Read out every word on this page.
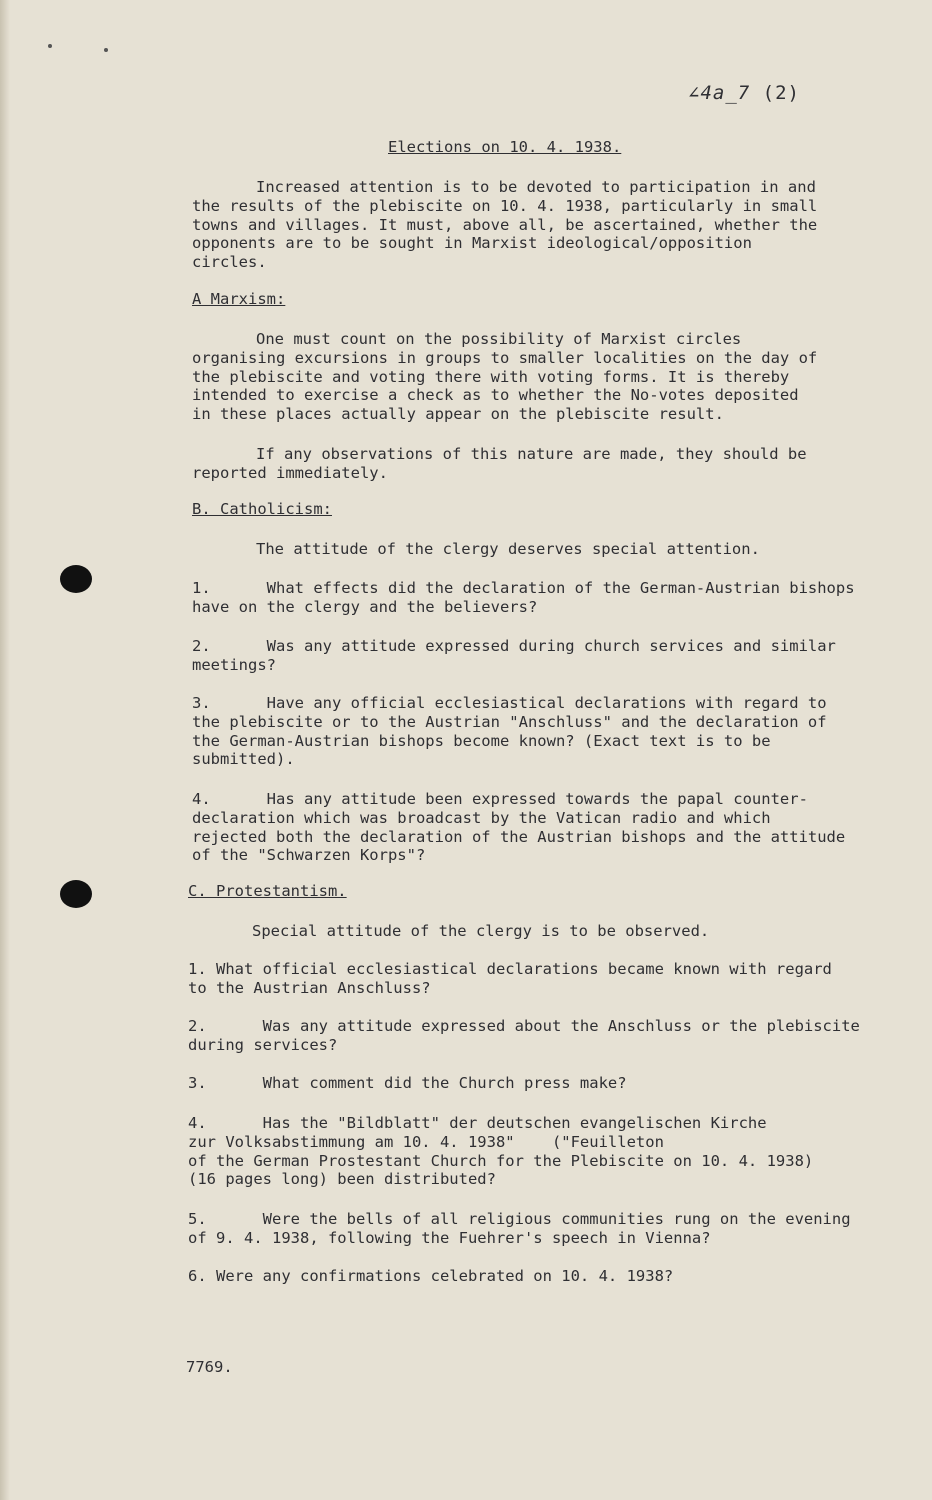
∠4a_7 (2)
Elections on 10. 4. 1938.

Increased attention is to be devoted to participation in and
the results of the plebiscite on 10. 4. 1938, particularly in small
towns and villages. It must, above all, be ascertained, whether the
opponents are to be sought in Marxist ideological/opposition
circles.

A Marxism:

One must count on the possibility of Marxist circles
organising excursions in groups to smaller localities on the day of
the plebiscite and voting there with voting forms. It is thereby
intended to exercise a check as to whether the No-votes deposited
in these places actually appear on the plebiscite result.

If any observations of this nature are made, they should be
reported immediately.

B. Catholicism:

The attitude of the clergy deserves special attention.

1.      What effects did the declaration of the German-Austrian bishops
have on the clergy and the believers?

2.      Was any attitude expressed during church services and similar
meetings?

3.      Have any official ecclesiastical declarations with regard to
the plebiscite or to the Austrian "Anschluss" and the declaration of
the German-Austrian bishops become known? (Exact text is to be
submitted).

4.      Has any attitude been expressed towards the papal counter-
declaration which was broadcast by the Vatican radio and which
rejected both the declaration of the Austrian bishops and the attitude
of the "Schwarzen Korps"?

C. Protestantism.

Special attitude of the clergy is to be observed.

1. What official ecclesiastical declarations became known with regard
to the Austrian Anschluss?

2.      Was any attitude expressed about the Anschluss or the plebiscite
during services?

3.      What comment did the Church press make?

4.      Has the "Bildblatt" der deutschen evangelischen Kirche
zur Volksabstimmung am 10. 4. 1938"    ("Feuilleton
of the German Prostestant Church for the Plebiscite on 10. 4. 1938)
(16 pages long) been distributed?

5.      Were the bells of all religious communities rung on the evening
of 9. 4. 1938, following the Fuehrer's speech in Vienna?

6. Were any confirmations celebrated on 10. 4. 1938?

7769.
